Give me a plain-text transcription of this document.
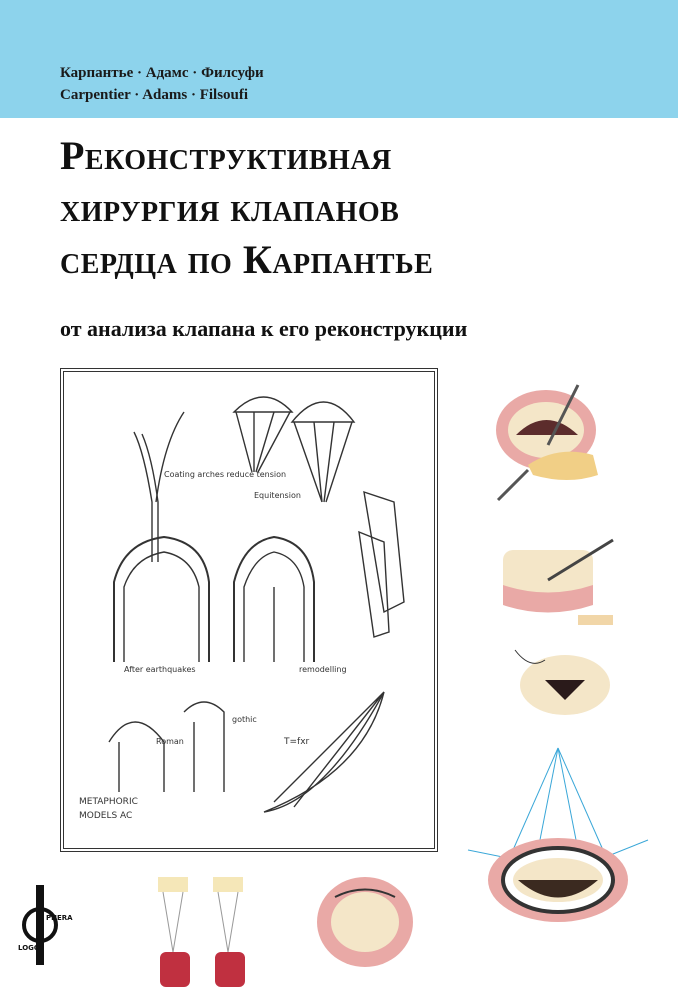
Карпантье · Адамс · Филсуфи
Carpentier · Adams · Filsoufi
Реконструктивная
хирургия клапанов
сердца по Карпантье
от анализа клапана к его реконструкции
Coating arches reduce tension
Equitension
After earthquakes	remodelling
Roman
gothic
T=fxr
METAPHORIC
MODELS AC
PHERA
LOGO
